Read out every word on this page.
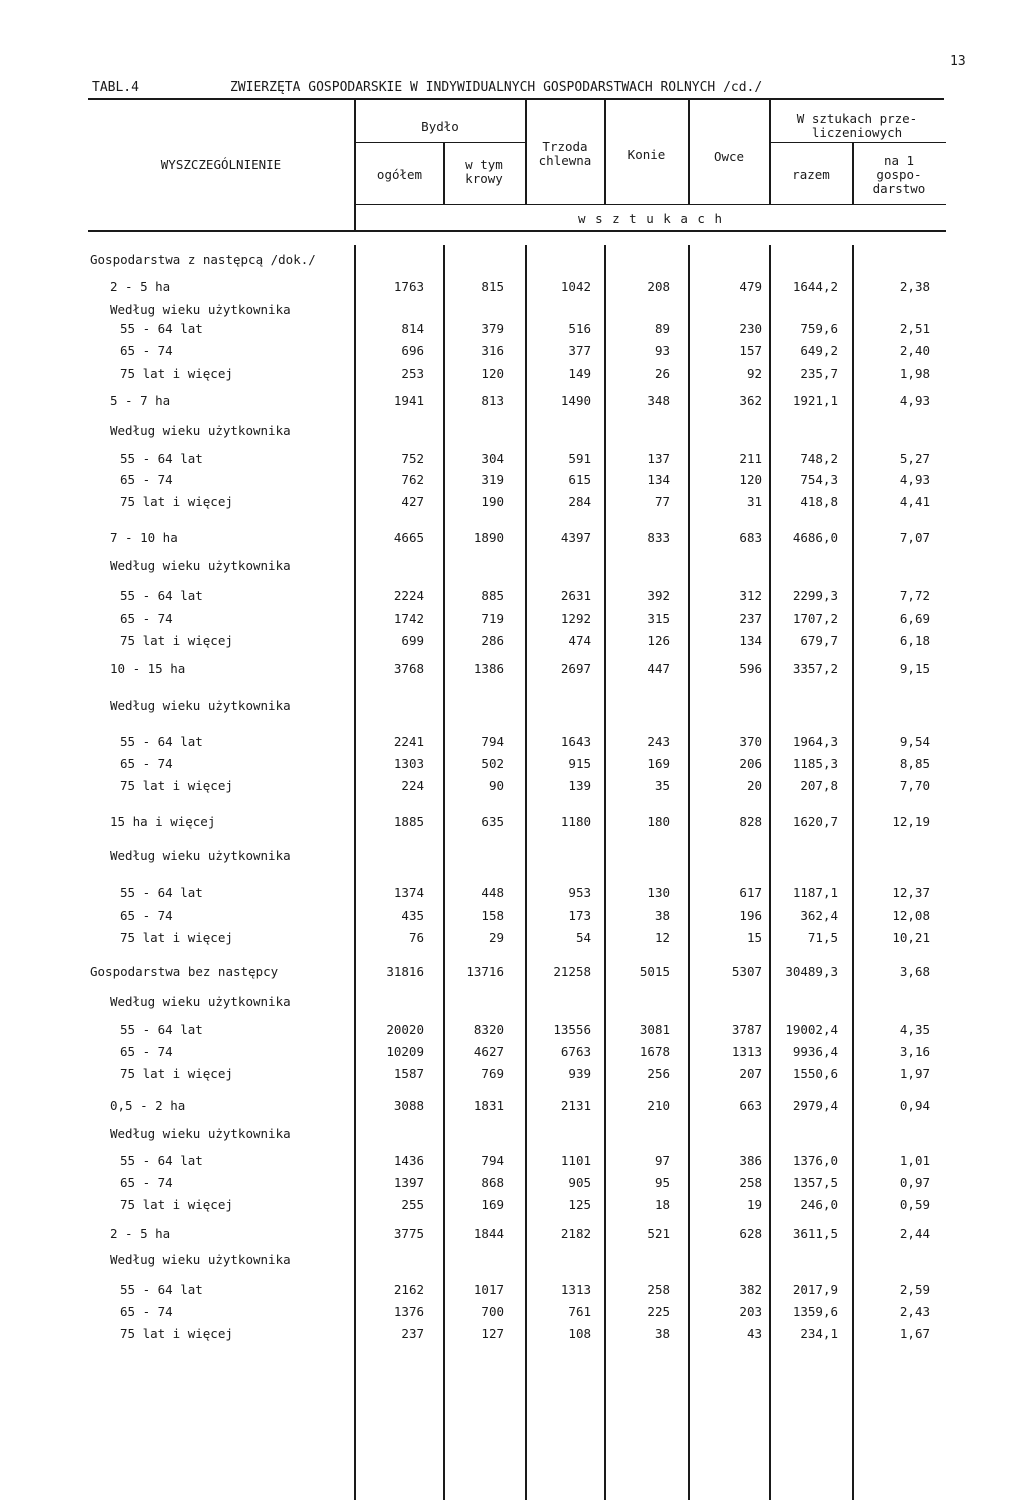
13
TABL.4	ZWIERZĘTA GOSPODARSKIE W INDYWIDUALNYCH GOSPODARSTWACH ROLNYCH /cd./
WYSZCZEGÓLNIENIE
Bydło
ogółem
w tym krowy
Trzoda chlewna	Konie	Owce
W sztukach prze-liczeniowych
razem
na 1 gospo-darstwo
w s z t u k a c h
Gospodarstwa z następcą /dok./
2 - 5 ha	1763	815	1042	208	479	1644,2	2,38
Według wieku użytkownika
55 - 64 lat	814	379	516	89	230	759,6	2,51
65 - 74	696	316	377	93	157	649,2	2,40
75 lat i więcej	253	120	149	26	92	235,7	1,98
5 - 7 ha	1941	813	1490	348	362	1921,1	4,93
Według wieku użytkownika
55 - 64 lat	752	304	591	137	211	748,2	5,27
65 - 74	762	319	615	134	120	754,3	4,93
75 lat i więcej	427	190	284	77	31	418,8	4,41
7 - 10 ha	4665	1890	4397	833	683	4686,0	7,07
Według wieku użytkownika
55 - 64 lat	2224	885	2631	392	312	2299,3	7,72
65 - 74	1742	719	1292	315	237	1707,2	6,69
75 lat i więcej	699	286	474	126	134	679,7	6,18
10 - 15 ha	3768	1386	2697	447	596	3357,2	9,15
Według wieku użytkownika
55 - 64 lat	2241	794	1643	243	370	1964,3	9,54
65 - 74	1303	502	915	169	206	1185,3	8,85
75 lat i więcej	224	90	139	35	20	207,8	7,70
15 ha i więcej	1885	635	1180	180	828	1620,7	12,19
Według wieku użytkownika
55 - 64 lat	1374	448	953	130	617	1187,1	12,37
65 - 74	435	158	173	38	196	362,4	12,08
75 lat i więcej	76	29	54	12	15	71,5	10,21
Gospodarstwa bez następcy	31816	13716	21258	5015	5307	30489,3	3,68
Według wieku użytkownika
55 - 64 lat	20020	8320	13556	3081	3787	19002,4	4,35
65 - 74	10209	4627	6763	1678	1313	9936,4	3,16
75 lat i więcej	1587	769	939	256	207	1550,6	1,97
0,5 - 2 ha	3088	1831	2131	210	663	2979,4	0,94
Według wieku użytkownika
55 - 64 lat	1436	794	1101	97	386	1376,0	1,01
65 - 74	1397	868	905	95	258	1357,5	0,97
75 lat i więcej	255	169	125	18	19	246,0	0,59
2 - 5 ha	3775	1844	2182	521	628	3611,5	2,44
Według wieku użytkownika
55 - 64 lat	2162	1017	1313	258	382	2017,9	2,59
65 - 74	1376	700	761	225	203	1359,6	2,43
75 lat i więcej	237	127	108	38	43	234,1	1,67
